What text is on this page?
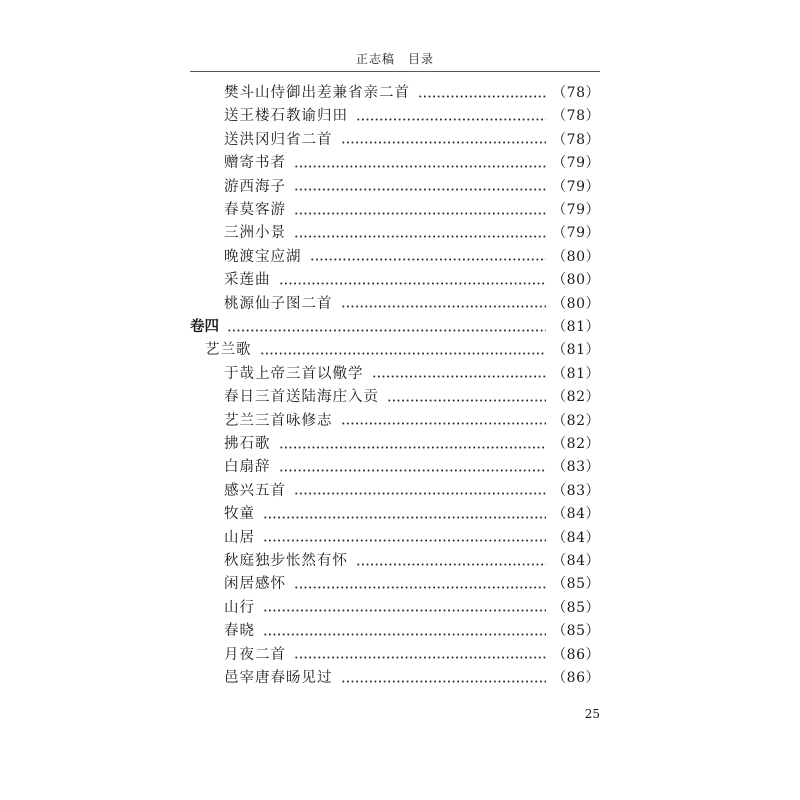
正志稿　目录
樊斗山侍御出差兼省亲二首	（78）
送王楼石教谕归田	（78）
送洪冈归省二首	（78）
赠寄书者	（79）
游西海子	（79）
春莫客游	（79）
三洲小景	（79）
晚渡宝应湖	（80）
采莲曲	（80）
桃源仙子图二首	（80）
卷四	（81）
艺兰歌	（81）
于哉上帝三首以儆学	（81）
春日三首送陆海庄入贡	（82）
艺兰三首咏修志	（82）
拂石歌	（82）
白扇辞	（83）
感兴五首	（83）
牧童	（84）
山居	（84）
秋庭独步怅然有怀	（84）
闲居感怀	（85）
山行	（85）
春晓	（85）
月夜二首	（86）
邑宰唐春旸见过	（86）
25
